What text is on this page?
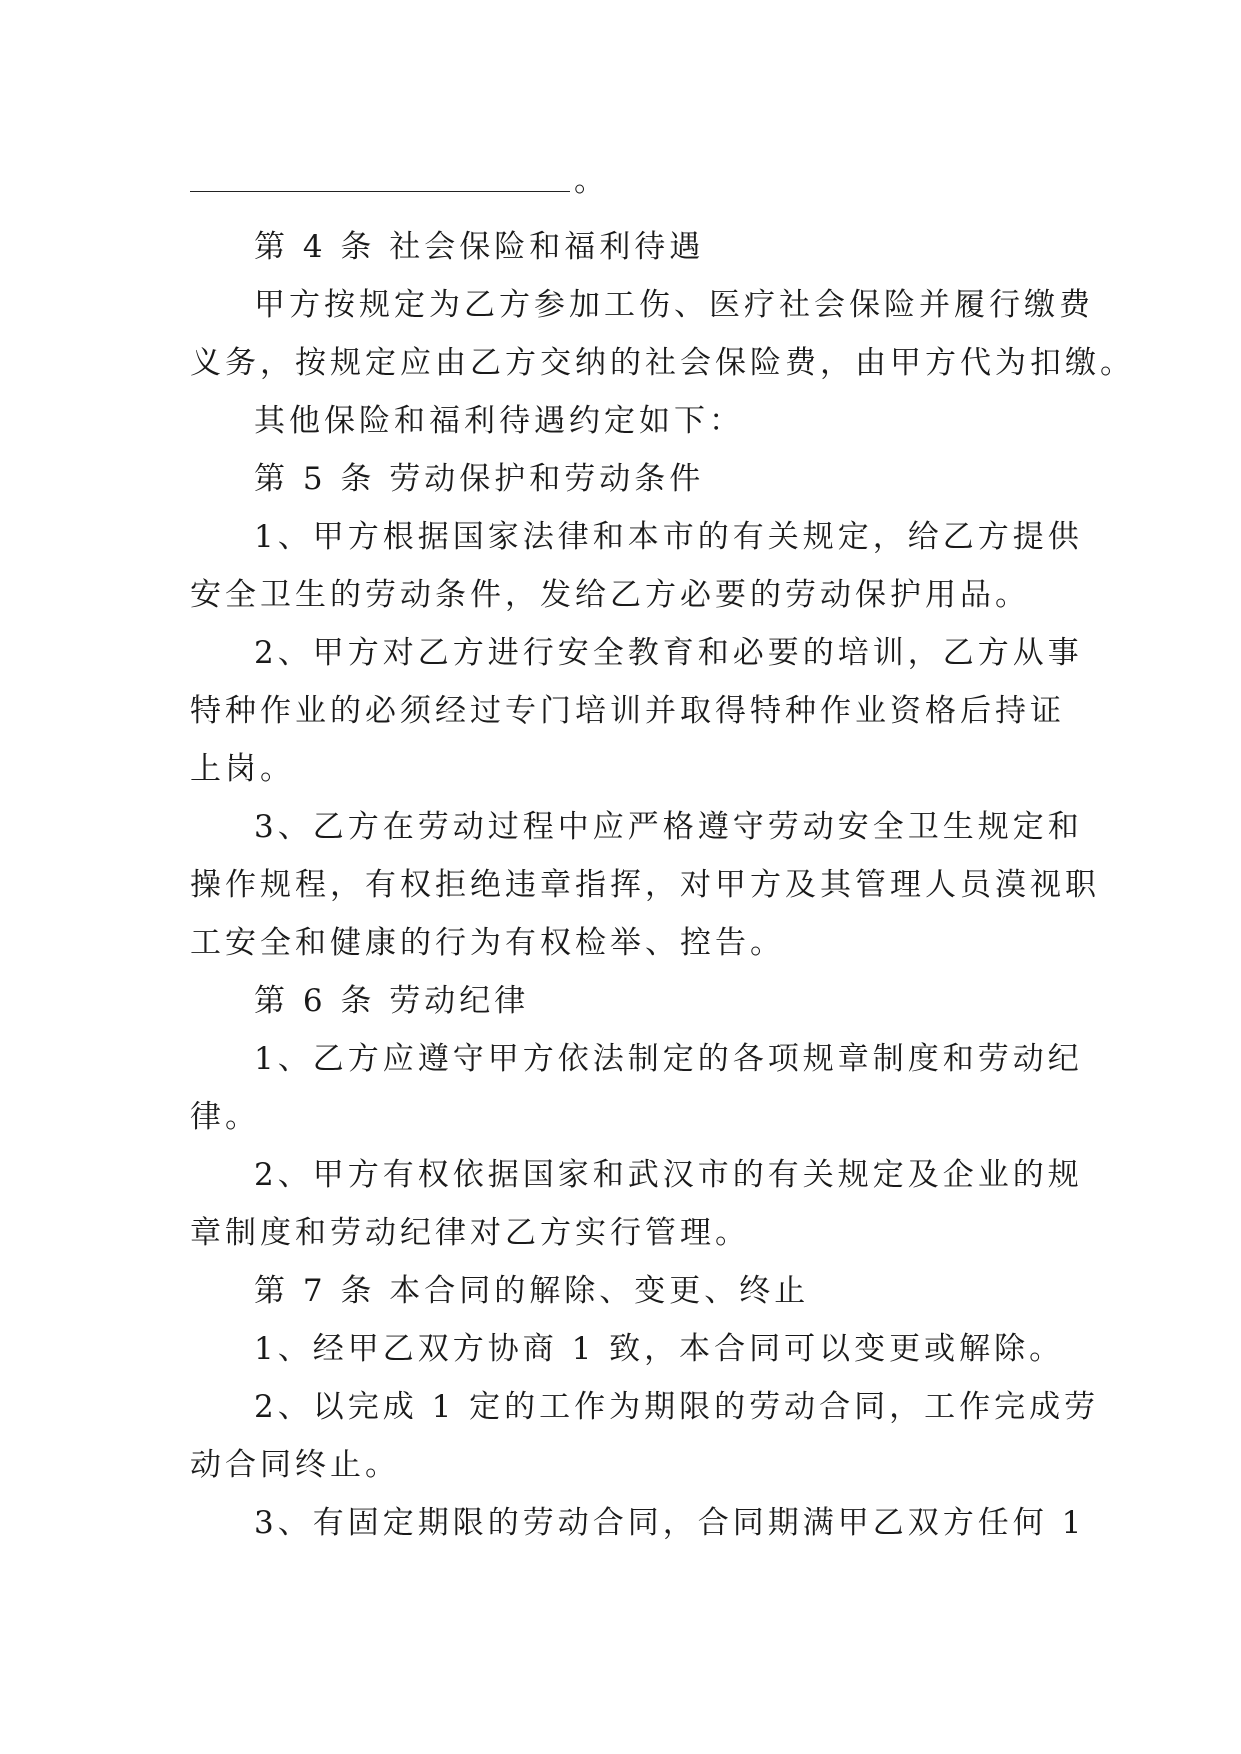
。

第 4 条 社会保险和福利待遇

甲方按规定为乙方参加工伤、医疗社会保险并履行缴费

义务，按规定应由乙方交纳的社会保险费，由甲方代为扣缴。

其他保险和福利待遇约定如下：

第 5 条 劳动保护和劳动条件

1、甲方根据国家法律和本市的有关规定，给乙方提供

安全卫生的劳动条件，发给乙方必要的劳动保护用品。

2、甲方对乙方进行安全教育和必要的培训，乙方从事

特种作业的必须经过专门培训并取得特种作业资格后持证

上岗。

3、乙方在劳动过程中应严格遵守劳动安全卫生规定和

操作规程，有权拒绝违章指挥，对甲方及其管理人员漠视职

工安全和健康的行为有权检举、控告。

第 6 条 劳动纪律

1、乙方应遵守甲方依法制定的各项规章制度和劳动纪

律。

2、甲方有权依据国家和武汉市的有关规定及企业的规

章制度和劳动纪律对乙方实行管理。

第 7 条 本合同的解除、变更、终止

1、经甲乙双方协商 1 致，本合同可以变更或解除。

2、以完成 1 定的工作为期限的劳动合同，工作完成劳

动合同终止。

3、有固定期限的劳动合同，合同期满甲乙双方任何 1
